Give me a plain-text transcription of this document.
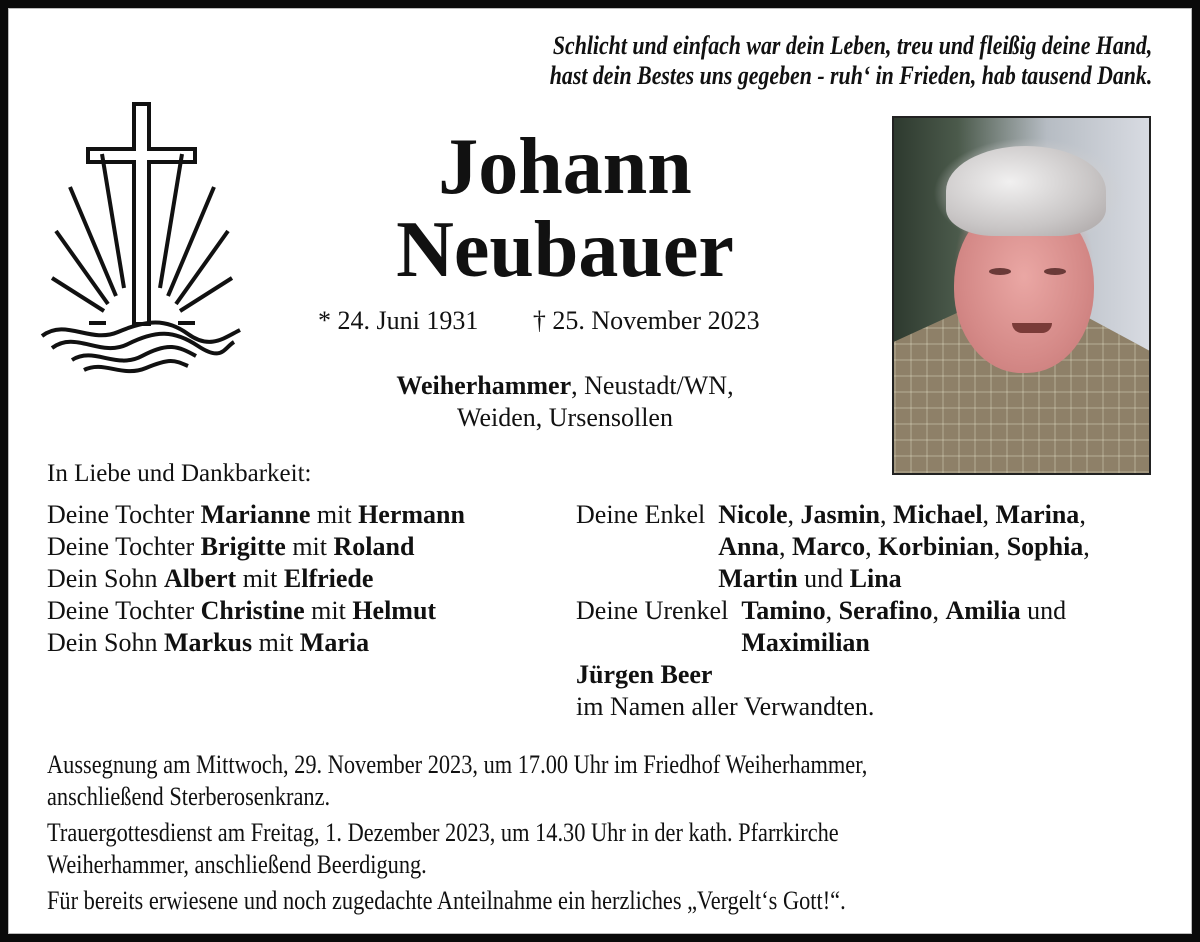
Schlicht und einfach war dein Leben, treu und fleißig deine Hand,
hast dein Bestes uns gegeben - ruh‘ in Frieden, hab tausend Dank.
Johann
Neubauer
* 24. Juni 1931 † 25. November 2023
Weiherhammer, Neustadt/WN,
Weiden, Ursensollen
In Liebe und Dankbarkeit:
Deine Tochter Marianne mit Hermann
Deine Tochter Brigitte mit Roland
Dein Sohn Albert mit Elfriede
Deine Tochter Christine mit Helmut
Dein Sohn Markus mit Maria
Deine Enkel Nicole, Jasmin, Michael, Marina,
Anna, Marco, Korbinian, Sophia,
Martin und Lina
Deine Urenkel Tamino, Serafino, Amilia und
Maximilian
Jürgen Beer
im Namen aller Verwandten.
Aussegnung am Mittwoch, 29. November 2023, um 17.00 Uhr im Friedhof Weiherhammer,
anschließend Sterberosenkranz.
Trauergottesdienst am Freitag, 1. Dezember 2023, um 14.30 Uhr in der kath. Pfarrkirche
Weiherhammer, anschließend Beerdigung.
Für bereits erwiesene und noch zugedachte Anteilnahme ein herzliches „Vergelt‘s Gott!“.
